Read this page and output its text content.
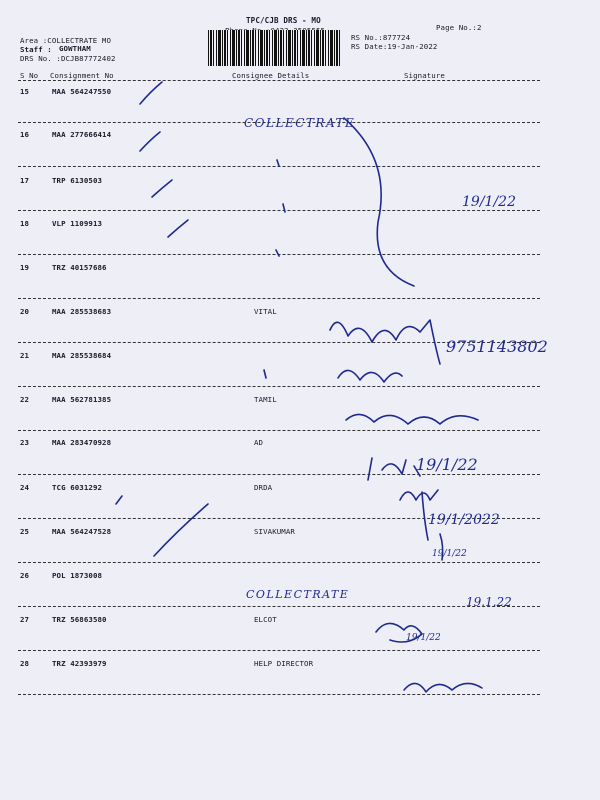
TPC/CJB DRS - MO
Page No.:2
Area :COLLECTRATE MO
Staff : GOWTHAM
DRS No. :DCJB87772402
RS No.:877724
RS Date:19-Jan-2022
S No Consignment No	Consignee Details	Signature
15	MAA 564247550
16	MAA 277666414
17	TRP 6130503
18	VLP 1109913
19	TRZ 40157686
20	MAA 285538683	VITAL
21	MAA 285538684
22	MAA 562781385	TAMIL
23	MAA 283470928	AD
24	TCG 6031292	DRDA
25	MAA 564247528	SIVAKUMAR
26	POL 1873008
27	TRZ 56863580	ELCOT
28	TRZ 42393979	HELP DIRECTOR
COLLECTRATE
COLLECTRATE
9751143802
19/1/22
19/1/22
19/1/2022
19/1/22
19.1.22
19/1/22
